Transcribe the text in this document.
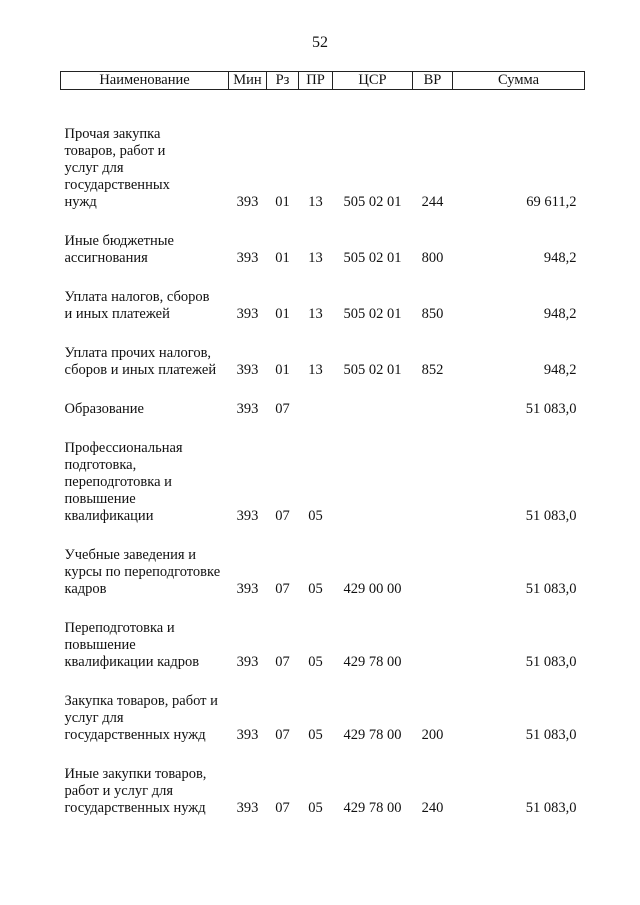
52
Наименование	Мин	Рз	ПР	ЦСР	ВР	Сумма

Прочая закупка товаров, работ и услуг для государственных нужд	393	01	13	505 02 01	244	69 611,2
Иные бюджетные ассигнования	393	01	13	505 02 01	800	948,2
Уплата налогов, сборов и иных платежей	393	01	13	505 02 01	850	948,2
Уплата прочих налогов, сборов и иных платежей	393	01	13	505 02 01	852	948,2
Образование	393	07				51 083,0
Профессиональная подготовка, переподготовка и повышение квалификации	393	07	05			51 083,0
Учебные заведения и курсы по переподготовке кадров	393	07	05	429 00 00		51 083,0
Переподготовка и повышение квалификации кадров	393	07	05	429 78 00		51 083,0
Закупка товаров, работ и услуг для государственных нужд	393	07	05	429 78 00	200	51 083,0
Иные закупки товаров, работ и услуг для государственных нужд	393	07	05	429 78 00	240	51 083,0
